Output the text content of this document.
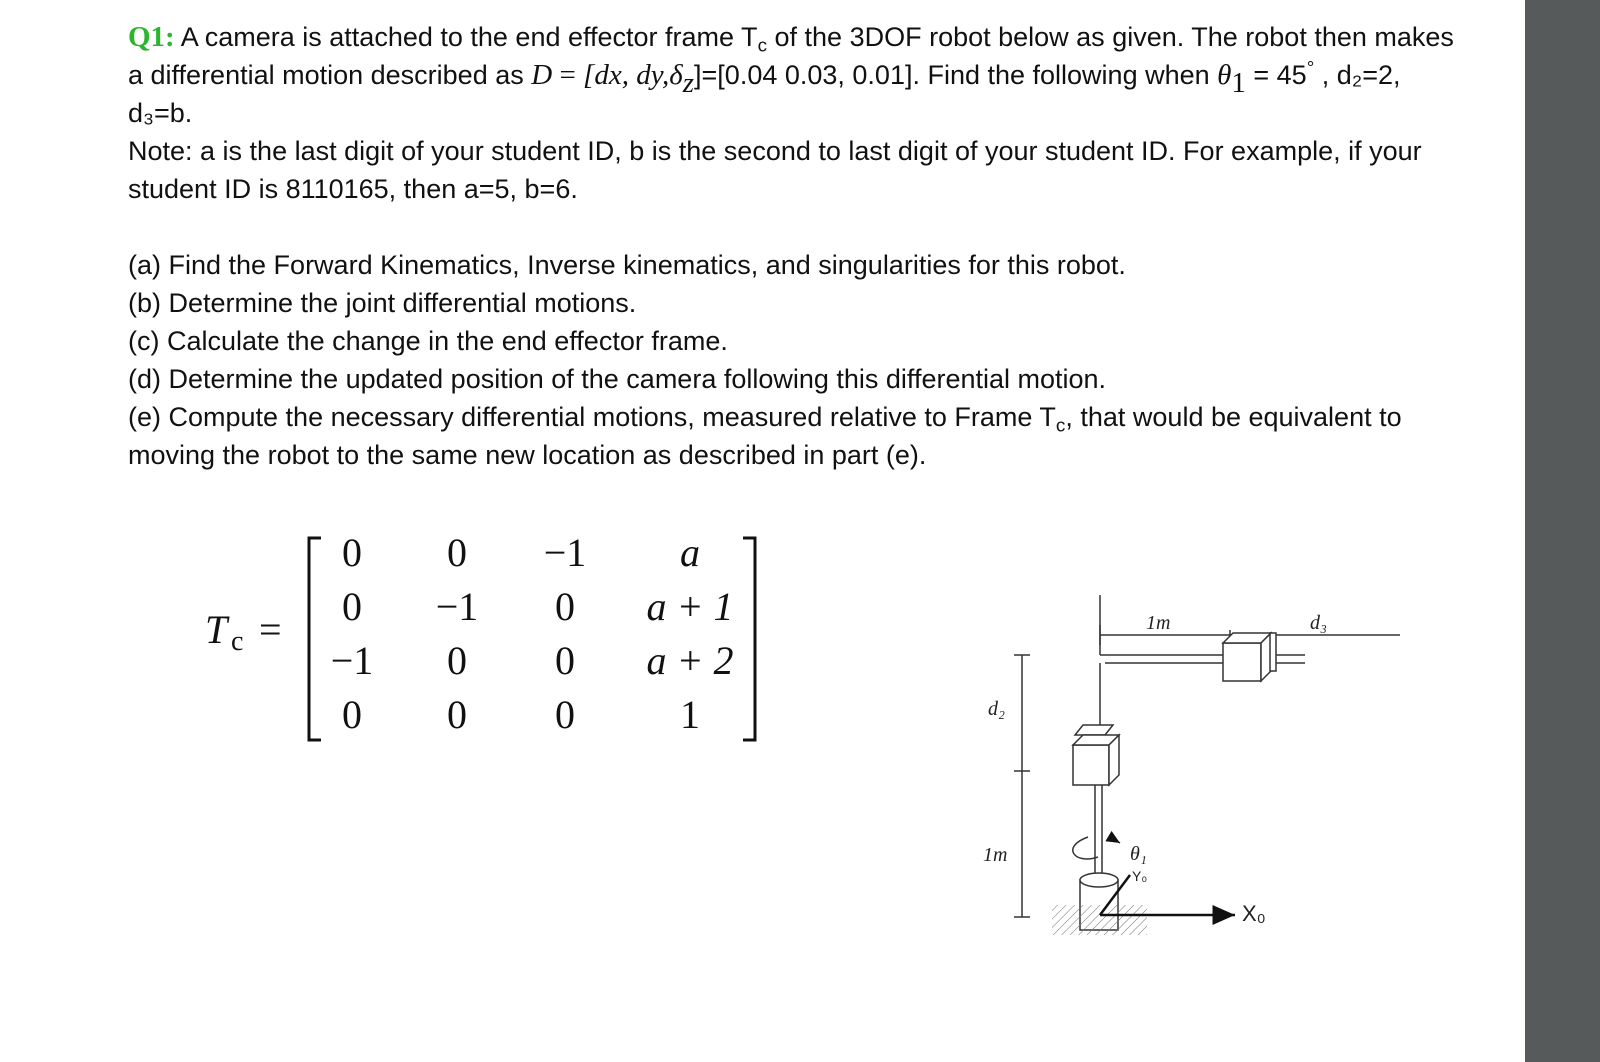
Q1: A camera is attached to the end effector frame $T_c$ of the 3DOF robot below as given. The robot then makes a differential motion described as D = [dx, $dy,\delta_z]=[0.04$ 0.03, 0.01]. Find the following when $\theta_1 = 45^\circ$ , d₂=2, d₃=b.

Note: a is the last digit of your student ID, b is the second to last digit of your student ID. For example, if your student ID is 8110165, then a=5, b=6.

(a) Find the Forward Kinematics, Inverse kinematics, and singularities for this robot.

(b) Determine the joint differential motions.

(c) Calculate the change in the end effector frame.

(d) Determine the updated position of the camera following this differential motion.

(e) Compute the necessary differential motions, measured relative to Frame $T_c$, that would be equivalent to moving the robot to the same new location as described in part (e).

T c =
0 0 −1 a
0 −1 0 a + 1
−1 0 0 a + 2
0 0 0	1
1m	d₃
d₂
1m	θ₁
Y₀
X₀
